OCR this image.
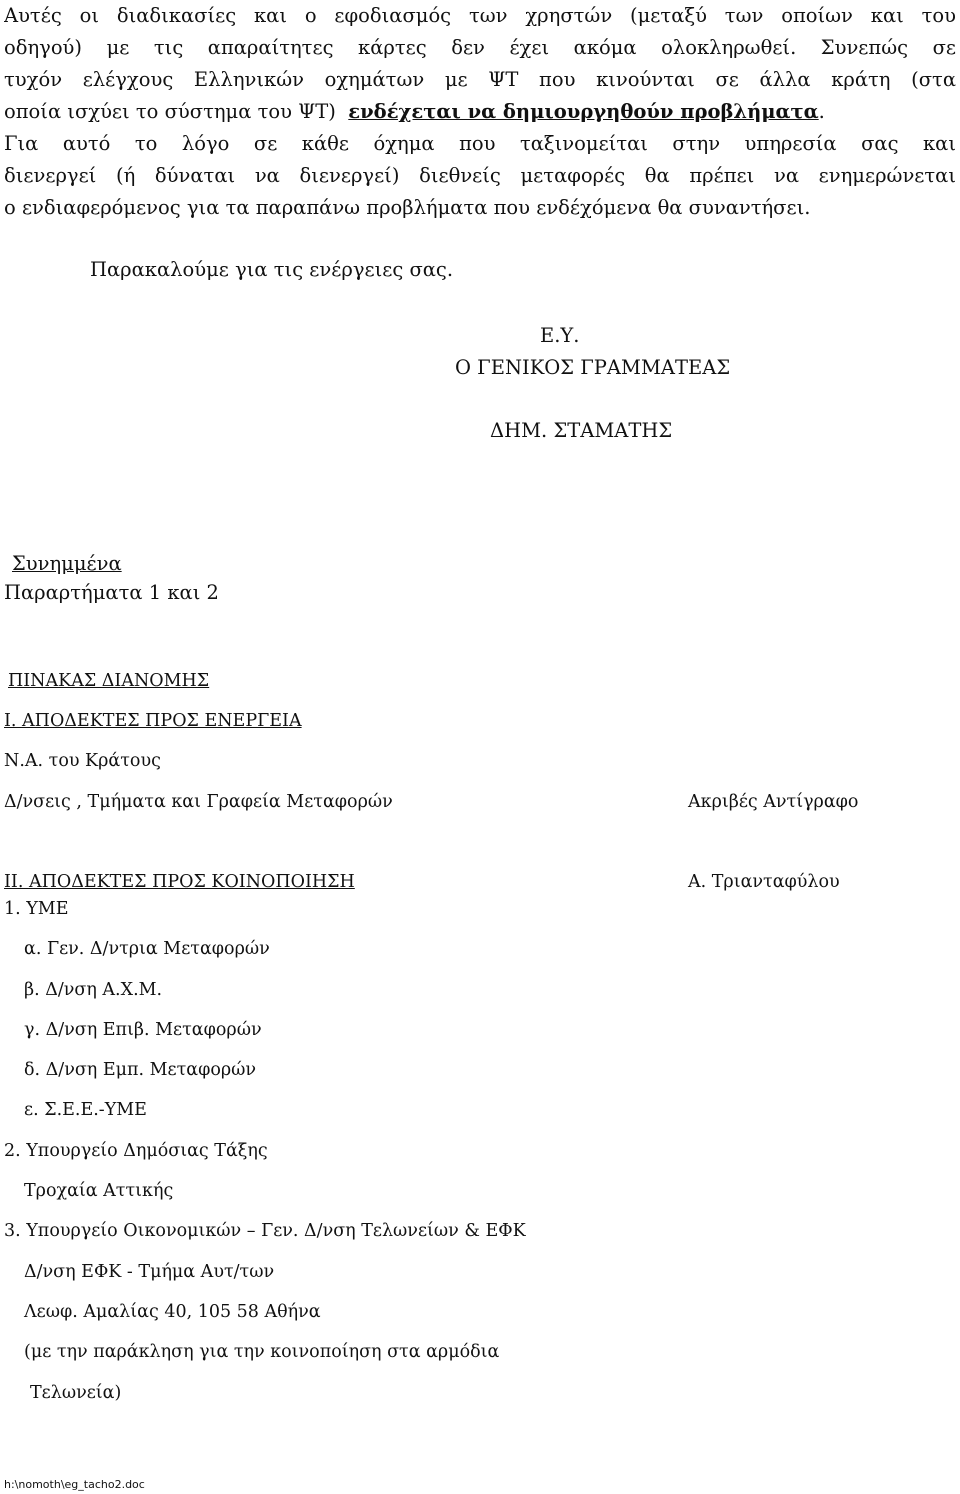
Αυτές οι διαδικασίες και ο εφοδιασμός των χρηστών (μεταξύ των οποίων και του
οδηγού) με τις απαραίτητες κάρτες δεν έχει ακόμα ολοκληρωθεί. Συνεπώς σε
τυχόν ελέγχους Ελληνικών οχημάτων με ΨΤ που κινούνται σε άλλα κράτη (στα
οποία ισχύει το σύστημα του ΨΤ) ενδέχεται να δημιουργηθούν προβλήματα.
Για αυτό το λόγο σε κάθε όχημα που ταξινομείται στην υπηρεσία σας και
διενεργεί (ή δύναται να διενεργεί) διεθνείς μεταφορές θα πρέπει να ενημερώνεται
ο ενδιαφερόμενος για τα παραπάνω προβλήματα που ενδέχόμενα θα συναντήσει.
Παρακαλούμε για τις ενέργειες σας.
Ε.Υ.
Ο ΓΕΝΙΚΟΣ ΓΡΑΜΜΑΤΕΑΣ
ΔΗΜ. ΣΤΑΜΑΤΗΣ
Συνημμένα
Παραρτήματα 1 και 2
ΠΙΝΑΚΑΣ ΔΙΑΝΟΜΗΣ
Ι. ΑΠΟΔΕΚΤΕΣ ΠΡΟΣ ΕΝΕΡΓΕΙΑ
Ν.Α. του Κράτους
Δ/νσεις , Τμήματα και Γραφεία Μεταφορών	Ακριβές Αντίγραφο
ΙΙ. ΑΠΟΔΕΚΤΕΣ ΠΡΟΣ ΚΟΙΝΟΠΟΙΗΣΗ	Α. Τριανταφύλου
1. ΥΜΕ
α. Γεν. Δ/ντρια Μεταφορών
β. Δ/νση Α.Χ.Μ.
γ. Δ/νση Επιβ. Μεταφορών
δ. Δ/νση Εμπ. Μεταφορών
ε. Σ.Ε.Ε.-ΥΜΕ
2. Υπουργείο Δημόσιας Τάξης
Τροχαία Αττικής
3. Υπουργείο Οικονομικών – Γεν. Δ/νση Τελωνείων & ΕΦΚ
Δ/νση ΕΦΚ - Τμήμα Αυτ/των
Λεωφ. Αμαλίας 40, 105 58 Αθήνα
(με την παράκληση για την κοινοποίηση στα αρμόδια
Τελωνεία)
h:\nomoth\eg_tacho2.doc
